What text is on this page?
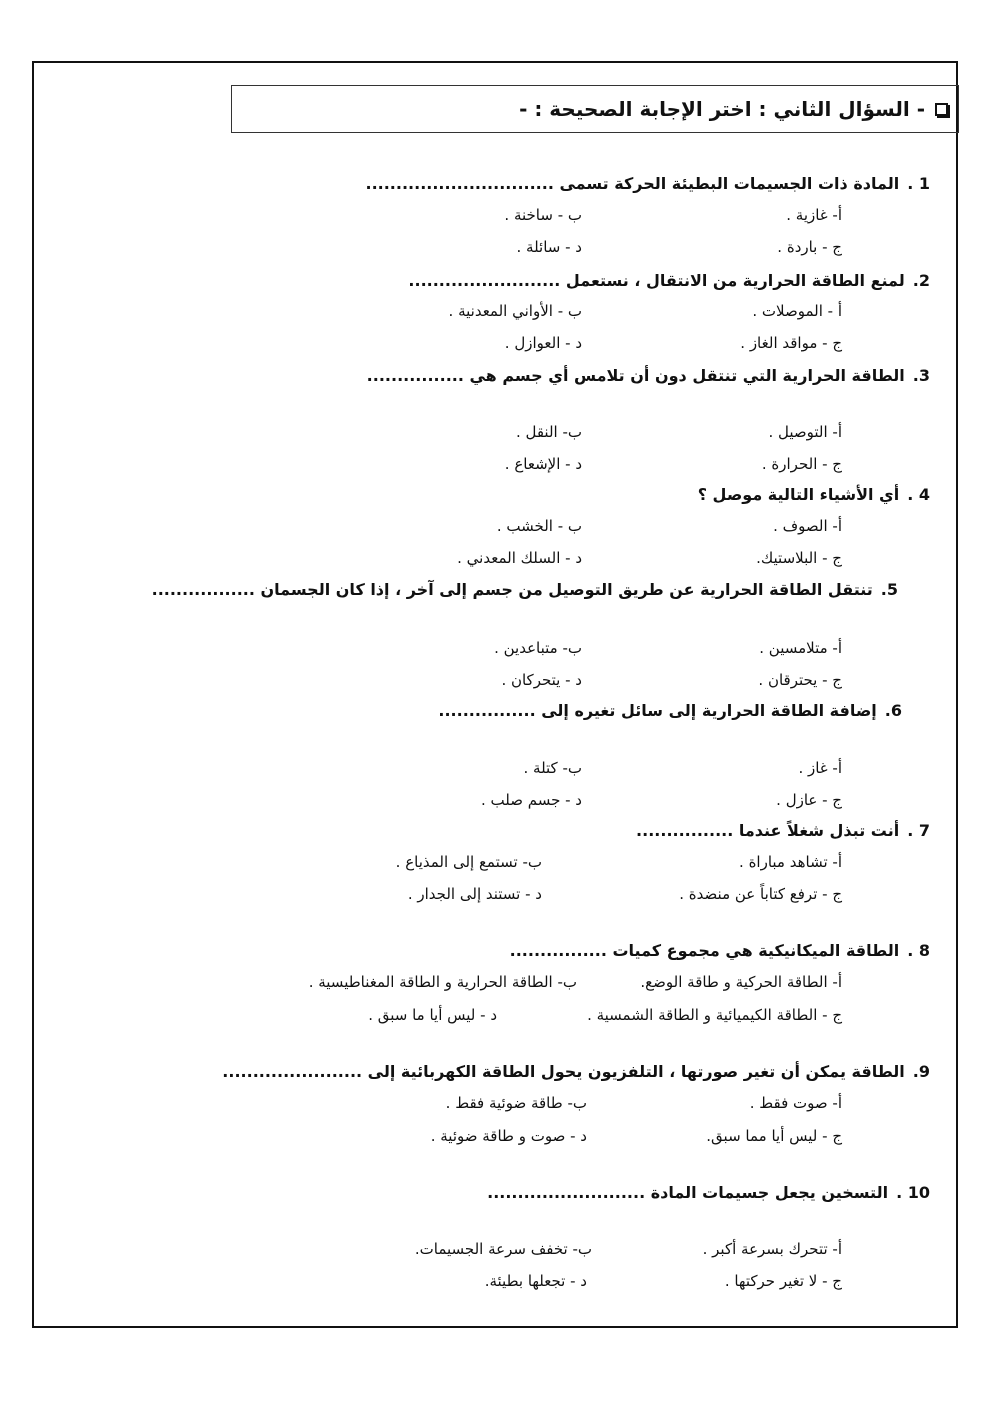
- السؤال الثاني : اختر الإجابة الصحيحة : -
1 .المادة ذات الجسيمات البطيئة الحركة تسمى ...............................
أ- غازية .
ب - ساخنة .
ج - باردة .
د - سائلة .
2.لمنع الطاقة الحرارية من الانتقال ، نستعمل .........................
أ - الموصلات .
ب - الأواني المعدنية .
ج - مواقد الغاز .
د - العوازل .
3.الطاقة الحرارية التي تنتقل دون أن تلامس أي جسم هي ................
أ- التوصيل .
ب- النقل .
ج - الحرارة .
د - الإشعاع .
4 .أي الأشياء التالية موصل ؟
أ- الصوف .
ب - الخشب .
ج - البلاستيك.
د - السلك المعدني .
5.تنتقل الطاقة الحرارية عن طريق التوصيل من جسم إلى آخر ، إذا كان الجسمان .................
أ- متلامسين .
ب- متباعدين .
ج - يحترقان .
د - يتحركان .
6.إضافة الطاقة الحرارية إلى سائل تغيره إلى ................
أ- غاز .
ب- كتلة .
ج - عازل .
د - جسم صلب .
7 .أنت تبذل شغلاً عندما ................
أ- تشاهد مباراة .
ب- تستمع إلى المذياع .
ج - ترفع كتاباً عن منضدة .
د - تستند إلى الجدار .
8 .الطاقة الميكانيكية هي مجموع كميات ................
أ- الطاقة الحركية و طاقة الوضع.
ب- الطاقة الحرارية و الطاقة المغناطيسية .
ج - الطاقة الكيميائية و الطاقة الشمسية .
د - ليس أيا ما سبق .
9.الطاقة يمكن أن تغير صورتها ، التلفزيون يحول الطاقة الكهربائية إلى .......................
أ- صوت فقط .
ب- طاقة ضوئية فقط .
ج - ليس أيا مما سبق.
د - صوت و طاقة ضوئية .
10 .التسخين يجعل جسيمات المادة ..........................
أ- تتحرك بسرعة أكبر .
ب- تخفف سرعة الجسيمات.
ج - لا تغير حركتها .
د - تجعلها بطيئة.
